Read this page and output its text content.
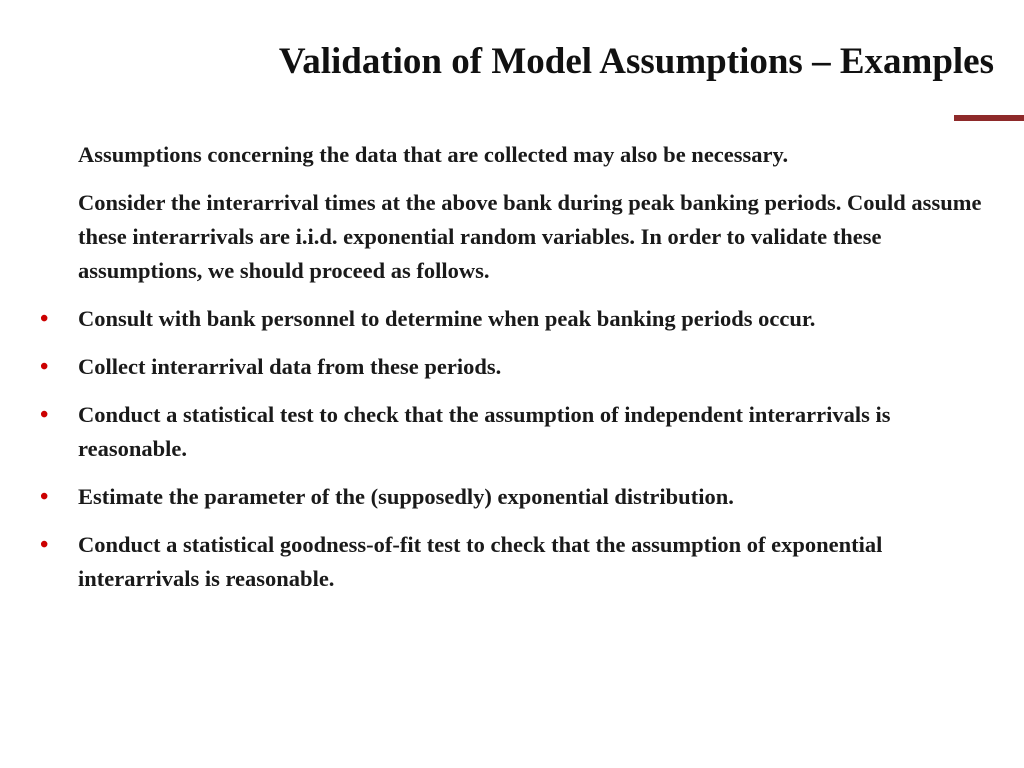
Validation of Model Assumptions – Examples

Assumptions concerning the data that are collected may also be necessary.

Consider the interarrival times at the above bank during peak banking periods. Could assume these interarrivals are i.i.d. exponential random variables. In order to validate these assumptions, we should proceed as follows.

• Consult with bank personnel to determine when peak banking periods occur.
• Collect interarrival data from these periods.
• Conduct a statistical test to check that the assumption of independent interarrivals is reasonable.
• Estimate the parameter of the (supposedly) exponential distribution.
• Conduct a statistical goodness-of-fit test to check that the assumption of exponential interarrivals is reasonable.
